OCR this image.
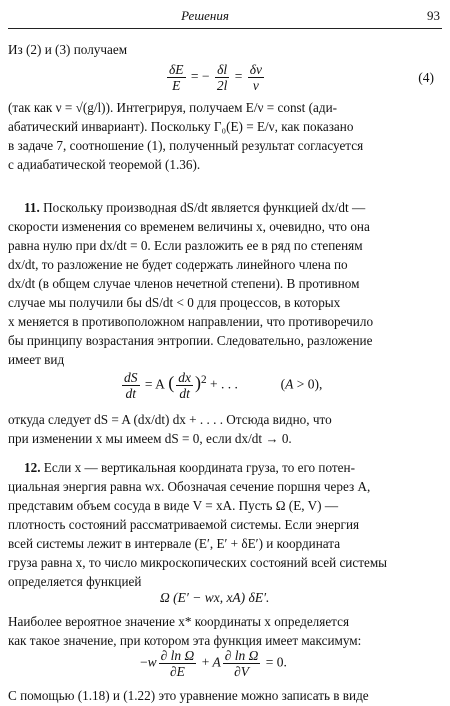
Решения	93
Из (2) и (3) получаем
$\frac{\delta E}{E}$ = − $\frac{\delta l}{2l} = \frac{\delta\nu}{\nu}$	(4)
(так как ν = √(g/l)). Интегрируя, получаем E/ν = const (ади-
абатический инвариант). Поскольку Γ₀(E) = E/ν, как показано
в задаче 7, соотношение (1), полученный результат согласуется
с адиабатической теоремой (1.36).
11. Поскольку производная dS/dt является функцией dx/dt —
скорости изменения со временем величины x, очевидно, что она
равна нулю при dx/dt = 0. Если разложить ее в ряд по степеням
dx/dt, то разложение не будет содержать линейного члена по
dx/dt (в общем случае членов нечетной степени). В противном
случае мы получили бы dS/dt < 0 для процессов, в которых
x меняется в противоположном направлении, что противоречило
бы принципу возрастания энтропии. Следовательно, разложение
имеет вид
$\frac{dS}{dt} = A$ ( $\frac{dx}{dt} )^2$ + . . .	(A > 0),
откуда следует dS = A (dx/dt) dx + . . . . Отсюда видно, что
при изменении x мы имеем dS = 0, если dx/dt → 0.
12. Если x — вертикальная координата груза, то его потен-
циальная энергия равна wx. Обозначая сечение поршня через A,
представим объем сосуда в виде V = xA. Пусть Ω (E, V) —
плотность состояний рассматриваемой системы. Если энергия
всей системы лежит в интервале (E′, E′ + δE′) и координата
груза равна x, то число микроскопических состояний всей системы
определяется функцией
Ω (E′ − wx, xA) δE′.
Наиболее вероятное значение x* координаты x определяется
как такое значение, при котором эта функция имеет максимум:
$-w \frac{\text{∂ ln Ω}}{\partial E} + A \frac{\text{∂ ln Ω}}{\partial V} = 0$.
С помощью (1.18) и (1.22) это уравнение можно записать в виде
